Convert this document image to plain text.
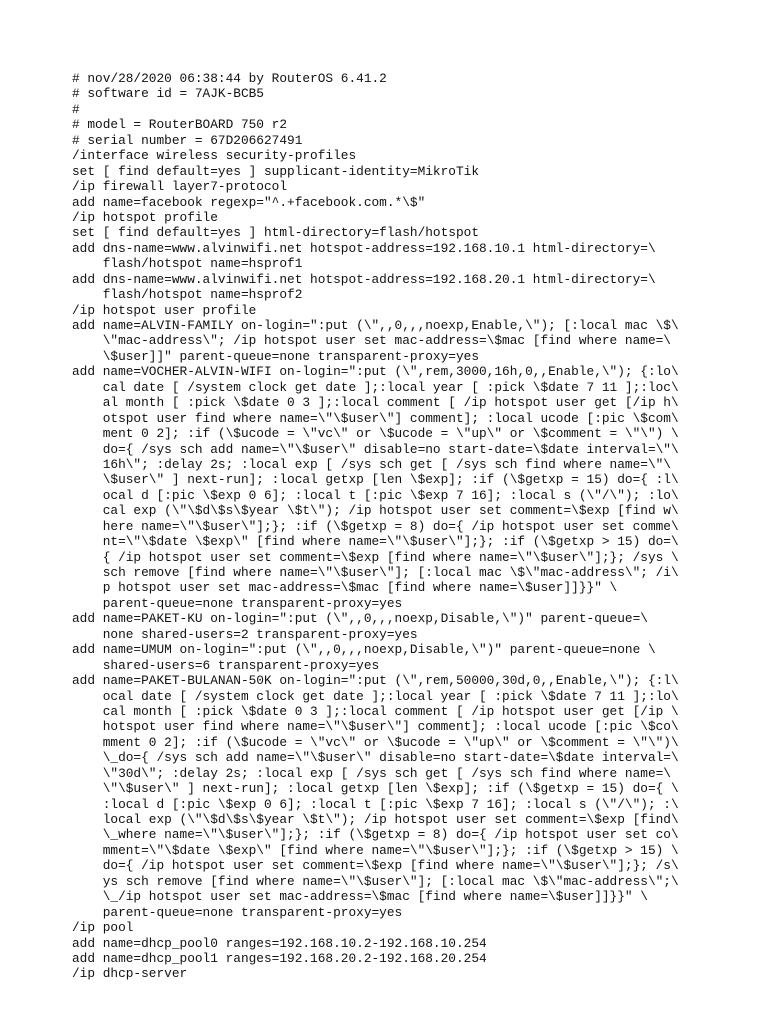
# nov/28/2020 06:38:44 by RouterOS 6.41.2
# software id = 7AJK-BCB5
#
# model = RouterBOARD 750 r2
# serial number = 67D206627491
/interface wireless security-profiles
set [ find default=yes ] supplicant-identity=MikroTik
/ip firewall layer7-protocol
add name=facebook regexp="^.+facebook.com.*\$"
/ip hotspot profile
set [ find default=yes ] html-directory=flash/hotspot
add dns-name=www.alvinwifi.net hotspot-address=192.168.10.1 html-directory=\
flash/hotspot name=hsprof1
add dns-name=www.alvinwifi.net hotspot-address=192.168.20.1 html-directory=\
flash/hotspot name=hsprof2
/ip hotspot user profile
add name=ALVIN-FAMILY on-login=":put (\",,0,,,noexp,Enable,\"); [:local mac \$\
\"mac-address\"; /ip hotspot user set mac-address=\$mac [find where name=\
\$user]]" parent-queue=none transparent-proxy=yes
add name=VOCHER-ALVIN-WIFI on-login=":put (\",rem,3000,16h,0,,Enable,\"); {:lo\
cal date [ /system clock get date ];:local year [ :pick \$date 7 11 ];:loc\
al month [ :pick \$date 0 3 ];:local comment [ /ip hotspot user get [/ip h\
otspot user find where name=\"\$user\"] comment]; :local ucode [:pic \$com\
ment 0 2]; :if (\$ucode = \"vc\" or \$ucode = \"up\" or \$comment = \"\") \
do={ /sys sch add name=\"\$user\" disable=no start-date=\$date interval=\"\
16h\"; :delay 2s; :local exp [ /sys sch get [ /sys sch find where name=\"\
\$user\" ] next-run]; :local getxp [len \$exp]; :if (\$getxp = 15) do={ :l\
ocal d [:pic \$exp 0 6]; :local t [:pic \$exp 7 16]; :local s (\"/\"); :lo\
cal exp (\"\$d\$s\$year \$t\"); /ip hotspot user set comment=\$exp [find w\
here name=\"\$user\"];}; :if (\$getxp = 8) do={ /ip hotspot user set comme\
nt=\"\$date \$exp\" [find where name=\"\$user\"];}; :if (\$getxp > 15) do=\
{ /ip hotspot user set comment=\$exp [find where name=\"\$user\"];}; /sys \
sch remove [find where name=\"\$user\"]; [:local mac \$\"mac-address\"; /i\
p hotspot user set mac-address=\$mac [find where name=\$user]]}}" \
parent-queue=none transparent-proxy=yes
add name=PAKET-KU on-login=":put (\",,0,,,noexp,Disable,\")" parent-queue=\
none shared-users=2 transparent-proxy=yes
add name=UMUM on-login=":put (\",,0,,,noexp,Disable,\")" parent-queue=none \
shared-users=6 transparent-proxy=yes
add name=PAKET-BULANAN-50K on-login=":put (\",rem,50000,30d,0,,Enable,\"); {:l\
ocal date [ /system clock get date ];:local year [ :pick \$date 7 11 ];:lo\
cal month [ :pick \$date 0 3 ];:local comment [ /ip hotspot user get [/ip \
hotspot user find where name=\"\$user\"] comment]; :local ucode [:pic \$co\
mment 0 2]; :if (\$ucode = \"vc\" or \$ucode = \"up\" or \$comment = \"\")\
\_do={ /sys sch add name=\"\$user\" disable=no start-date=\$date interval=\
\"30d\"; :delay 2s; :local exp [ /sys sch get [ /sys sch find where name=\
\"\$user\" ] next-run]; :local getxp [len \$exp]; :if (\$getxp = 15) do={ \
:local d [:pic \$exp 0 6]; :local t [:pic \$exp 7 16]; :local s (\"/\"); :\
local exp (\"\$d\$s\$year \$t\"); /ip hotspot user set comment=\$exp [find\
\_where name=\"\$user\"];}; :if (\$getxp = 8) do={ /ip hotspot user set co\
mment=\"\$date \$exp\" [find where name=\"\$user\"];}; :if (\$getxp > 15) \
do={ /ip hotspot user set comment=\$exp [find where name=\"\$user\"];}; /s\
ys sch remove [find where name=\"\$user\"]; [:local mac \$\"mac-address\";\
\_/ip hotspot user set mac-address=\$mac [find where name=\$user]]}}" \
parent-queue=none transparent-proxy=yes
/ip pool
add name=dhcp_pool0 ranges=192.168.10.2-192.168.10.254
add name=dhcp_pool1 ranges=192.168.20.2-192.168.20.254
/ip dhcp-server
